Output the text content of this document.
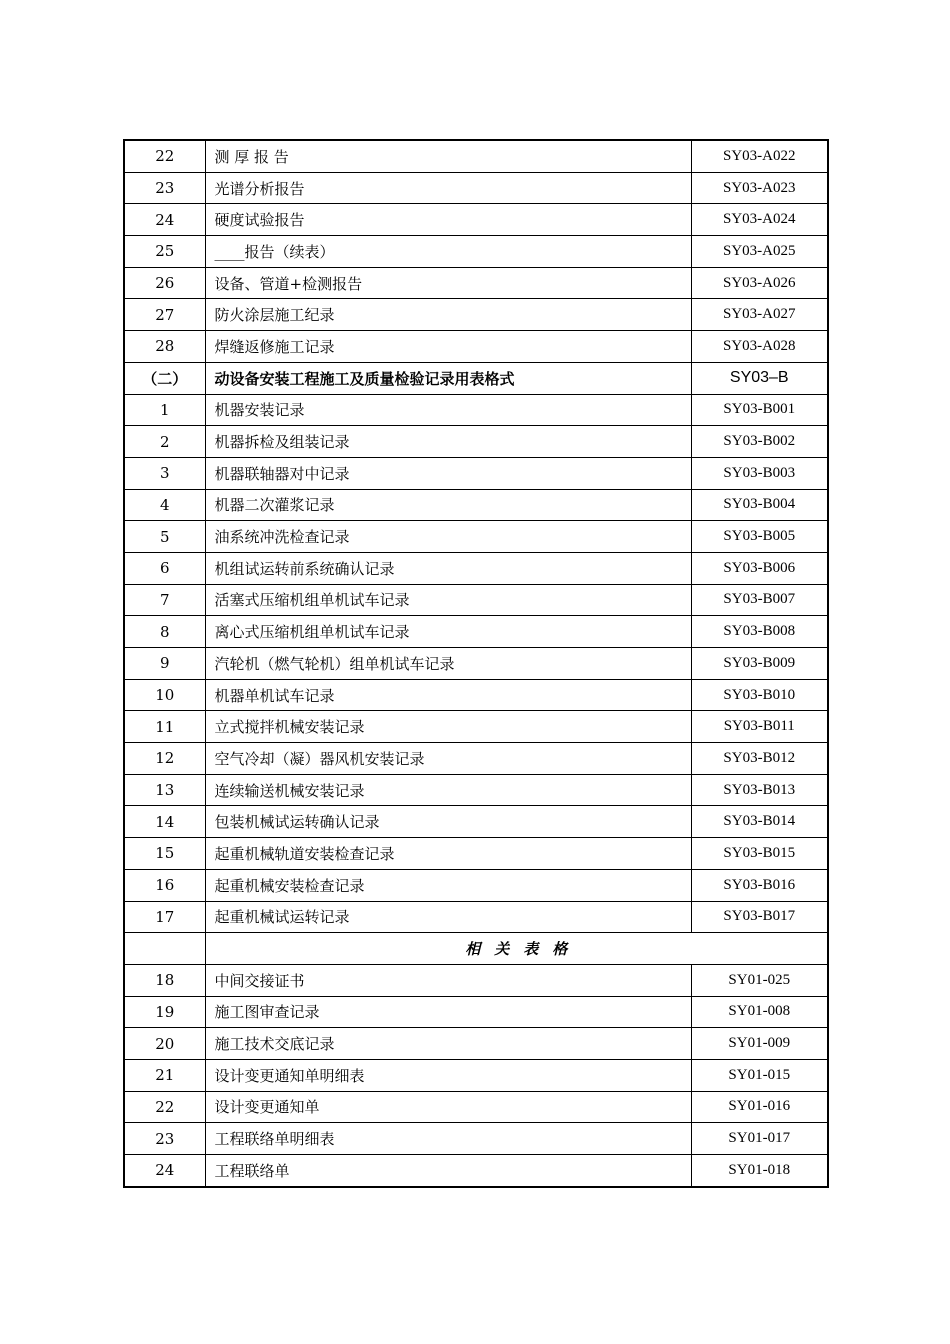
22	测 厚 报 告	SY03-A022
23	光谱分析报告	SY03-A023
24	硬度试验报告	SY03-A024
25	____报告（续表）	SY03-A025
26	设备、管道+检测报告	SY03-A026
27	防火涂层施工纪录	SY03-A027
28	焊缝返修施工记录	SY03-A028
（二）	动设备安装工程施工及质量检验记录用表格式	SY03–B
1	机器安装记录	SY03-B001
2	机器拆检及组装记录	SY03-B002
3	机器联轴器对中记录	SY03-B003
4	机器二次灌浆记录	SY03-B004
5	油系统冲洗检查记录	SY03-B005
6	机组试运转前系统确认记录	SY03-B006
7	活塞式压缩机组单机试车记录	SY03-B007
8	离心式压缩机组单机试车记录	SY03-B008
9	汽轮机（燃气轮机）组单机试车记录	SY03-B009
10	机器单机试车记录	SY03-B010
11	立式搅拌机械安装记录	SY03-B011
12	空气冷却（凝）器风机安装记录	SY03-B012
13	连续输送机械安装记录	SY03-B013
14	包装机械试运转确认记录	SY03-B014
15	起重机械轨道安装检查记录	SY03-B015
16	起重机械安装检查记录	SY03-B016
17	起重机械试运转记录	SY03-B017
	相关表格	
18	中间交接证书	SY01-025
19	施工图审查记录	SY01-008
20	施工技术交底记录	SY01-009
21	设计变更通知单明细表	SY01-015
22	设计变更通知单	SY01-016
23	工程联络单明细表	SY01-017
24	工程联络单	SY01-018
